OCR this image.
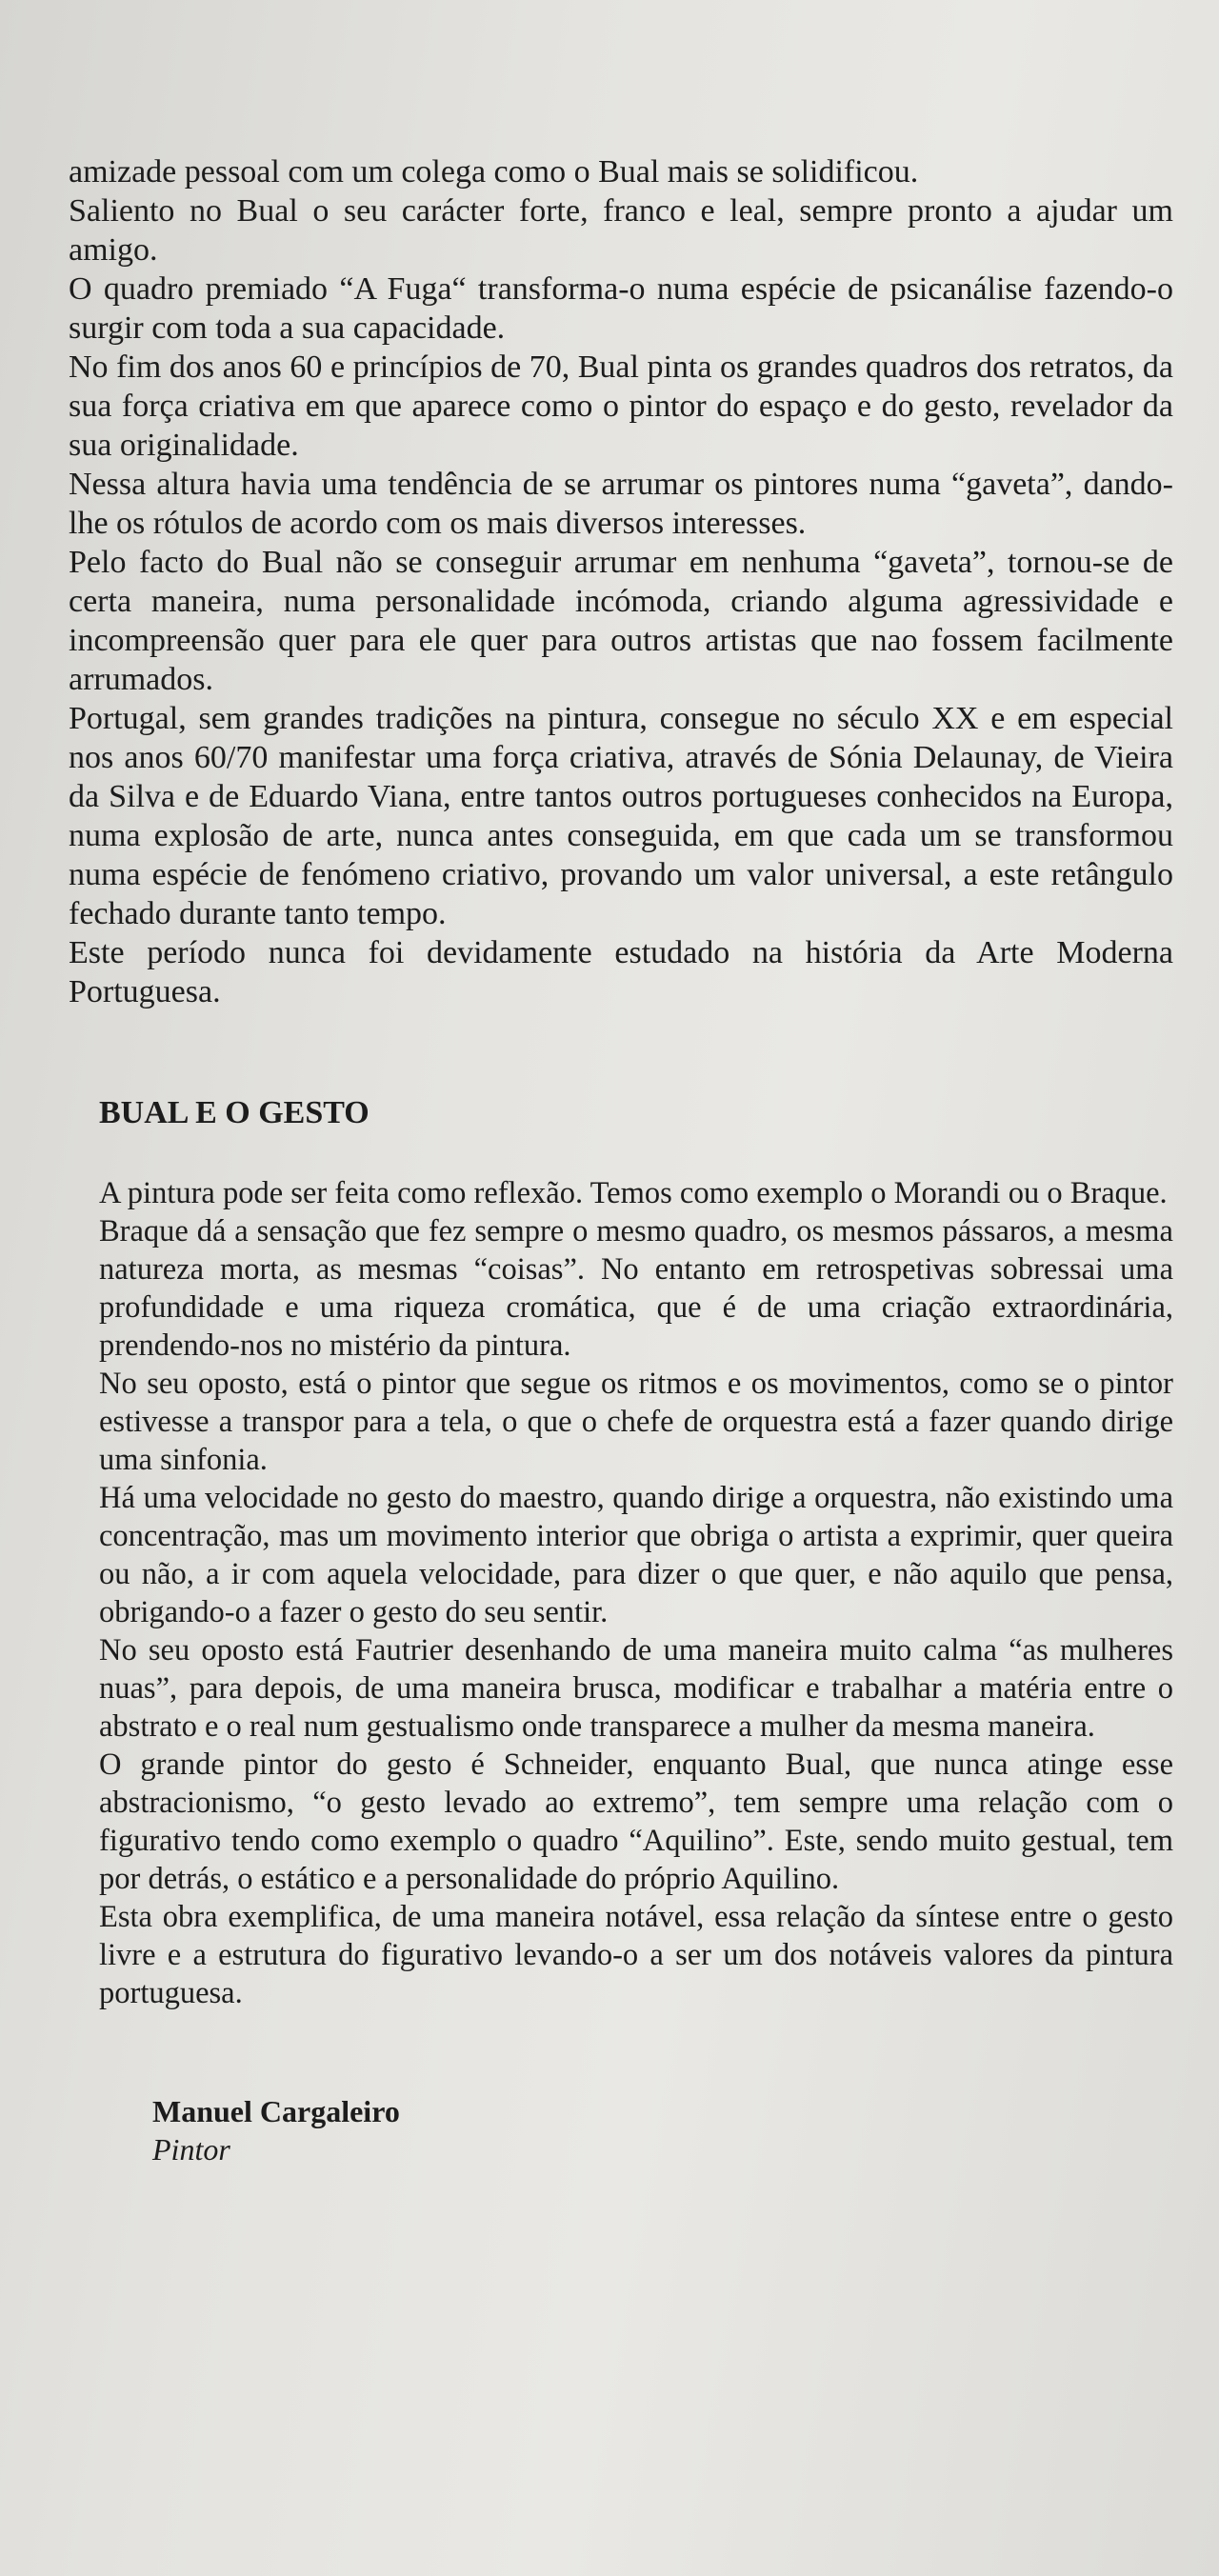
amizade pessoal com um colega como o Bual mais se solidificou.

Saliento no Bual o seu carácter forte, franco e leal, sempre pronto a ajudar um amigo.

O quadro premiado “A Fuga“ transforma-o numa espécie de psicanálise fazendo-o surgir com toda a sua capacidade.

No fim dos anos 60 e princípios de 70, Bual pinta os grandes quadros dos retratos, da sua força criativa em que aparece como o pintor do espaço e do gesto, revelador da sua originalidade.

Nessa altura havia uma tendência de se arrumar os pintores numa “gaveta”, dando-lhe os rótulos de acordo com os mais diversos interesses.

Pelo facto do Bual não se conseguir arrumar em nenhuma “gaveta”, tornou-se de certa maneira, numa personalidade incómoda, criando alguma agressividade e incompreensão quer para ele quer para outros artistas que nao fossem facilmente arrumados.

Portugal, sem grandes tradições na pintura, consegue no século XX e em especial nos anos 60/70 manifestar uma força criativa, através de Sónia Delaunay, de Vieira da Silva e de Eduardo Viana, entre tantos outros portugueses conhecidos na Europa, numa explosão de arte, nunca antes conseguida, em que cada um se transformou numa espécie de fenómeno criativo, provando um valor universal, a este retângulo fechado durante tanto tempo.

Este período nunca foi devidamente estudado na história da Arte Moderna Portuguesa.

BUAL E O GESTO

A pintura pode ser feita como reflexão. Temos como exemplo o Morandi ou o Braque.

Braque dá a sensação que fez sempre o mesmo quadro, os mesmos pássaros, a mesma natureza morta, as mesmas “coisas”. No entanto em retrospetivas sobressai uma profundidade e uma riqueza cromática, que é de uma criação extraordinária, prendendo-nos no mistério da pintura.

No seu oposto, está o pintor que segue os ritmos e os movimentos, como se o pintor estivesse a transpor para a tela, o que o chefe de orquestra está a fazer quando dirige uma sinfonia.

Há uma velocidade no gesto do maestro, quando dirige a orquestra, não existindo uma concentração, mas um movimento interior que obriga o artista a exprimir, quer queira ou não, a ir com aquela velocidade, para dizer o que quer, e não aquilo que pensa, obrigando-o a fazer o gesto do seu sentir.

No seu oposto está Fautrier desenhando de uma maneira muito calma “as mulheres nuas”, para depois, de uma maneira brusca, modificar e trabalhar a matéria entre o abstrato e o real num gestualismo onde transparece a mulher da mesma maneira.

O grande pintor do gesto é Schneider, enquanto Bual, que nunca atinge esse abstracionismo, “o gesto levado ao extremo”, tem sempre uma relação com o figurativo tendo como exemplo o quadro “Aquilino”. Este, sendo muito gestual, tem por detrás, o estático e a personalidade do próprio Aquilino.

Esta obra exemplifica, de uma maneira notável, essa relação da síntese entre o gesto livre e a estrutura do figurativo levando-o a ser um dos notáveis valores da pintura portuguesa.

Manuel Cargaleiro

Pintor
